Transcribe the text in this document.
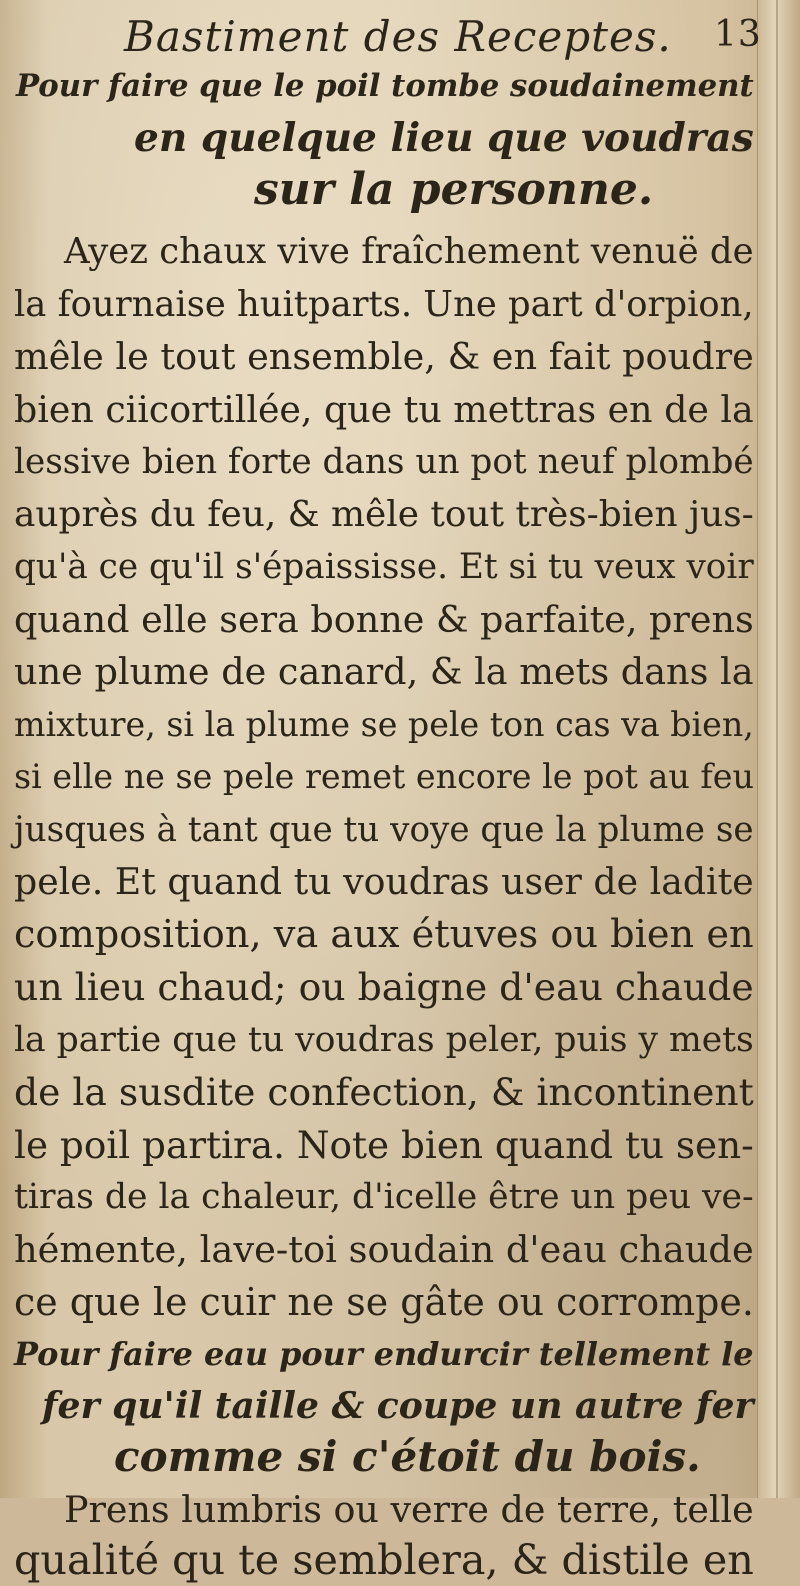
Bastiment des Receptes. 13
Pour faire que le poil tombe soudainement
en quelque lieu que voudras
sur la personne.

Ayez chaux vive fraîchement venuë de
la fournaise huitparts. Une part d'orpion,
mêle le tout ensemble, & en fait poudre
bien ciicortillée, que tu mettras en de la
lessive bien forte dans un pot neuf plombé
auprès du feu, & mêle tout très-bien jus-
qu'à ce qu'il s'épaississe. Et si tu veux voir
quand elle sera bonne & parfaite, prens
une plume de canard, & la mets dans la
mixture, si la plume se pele ton cas va bien,
si elle ne se pele remet encore le pot au feu
jusques à tant que tu voye que la plume se
pele. Et quand tu voudras user de ladite
composition, va aux étuves ou bien en
un lieu chaud; ou baigne d'eau chaude
la partie que tu voudras peler, puis y mets
de la susdite confection, & incontinent
le poil partira. Note bien quand tu sen-
tiras de la chaleur, d'icelle être un peu ve-
hémente, lave-toi soudain d'eau chaude
ce que le cuir ne se gâte ou corrompe.

Pour faire eau pour endurcir tellement le
fer qu'il taille & coupe un autre fer
comme si c'étoit du bois.

Prens lumbris ou verre de terre, telle
qualité qu te semblera, & distile en
